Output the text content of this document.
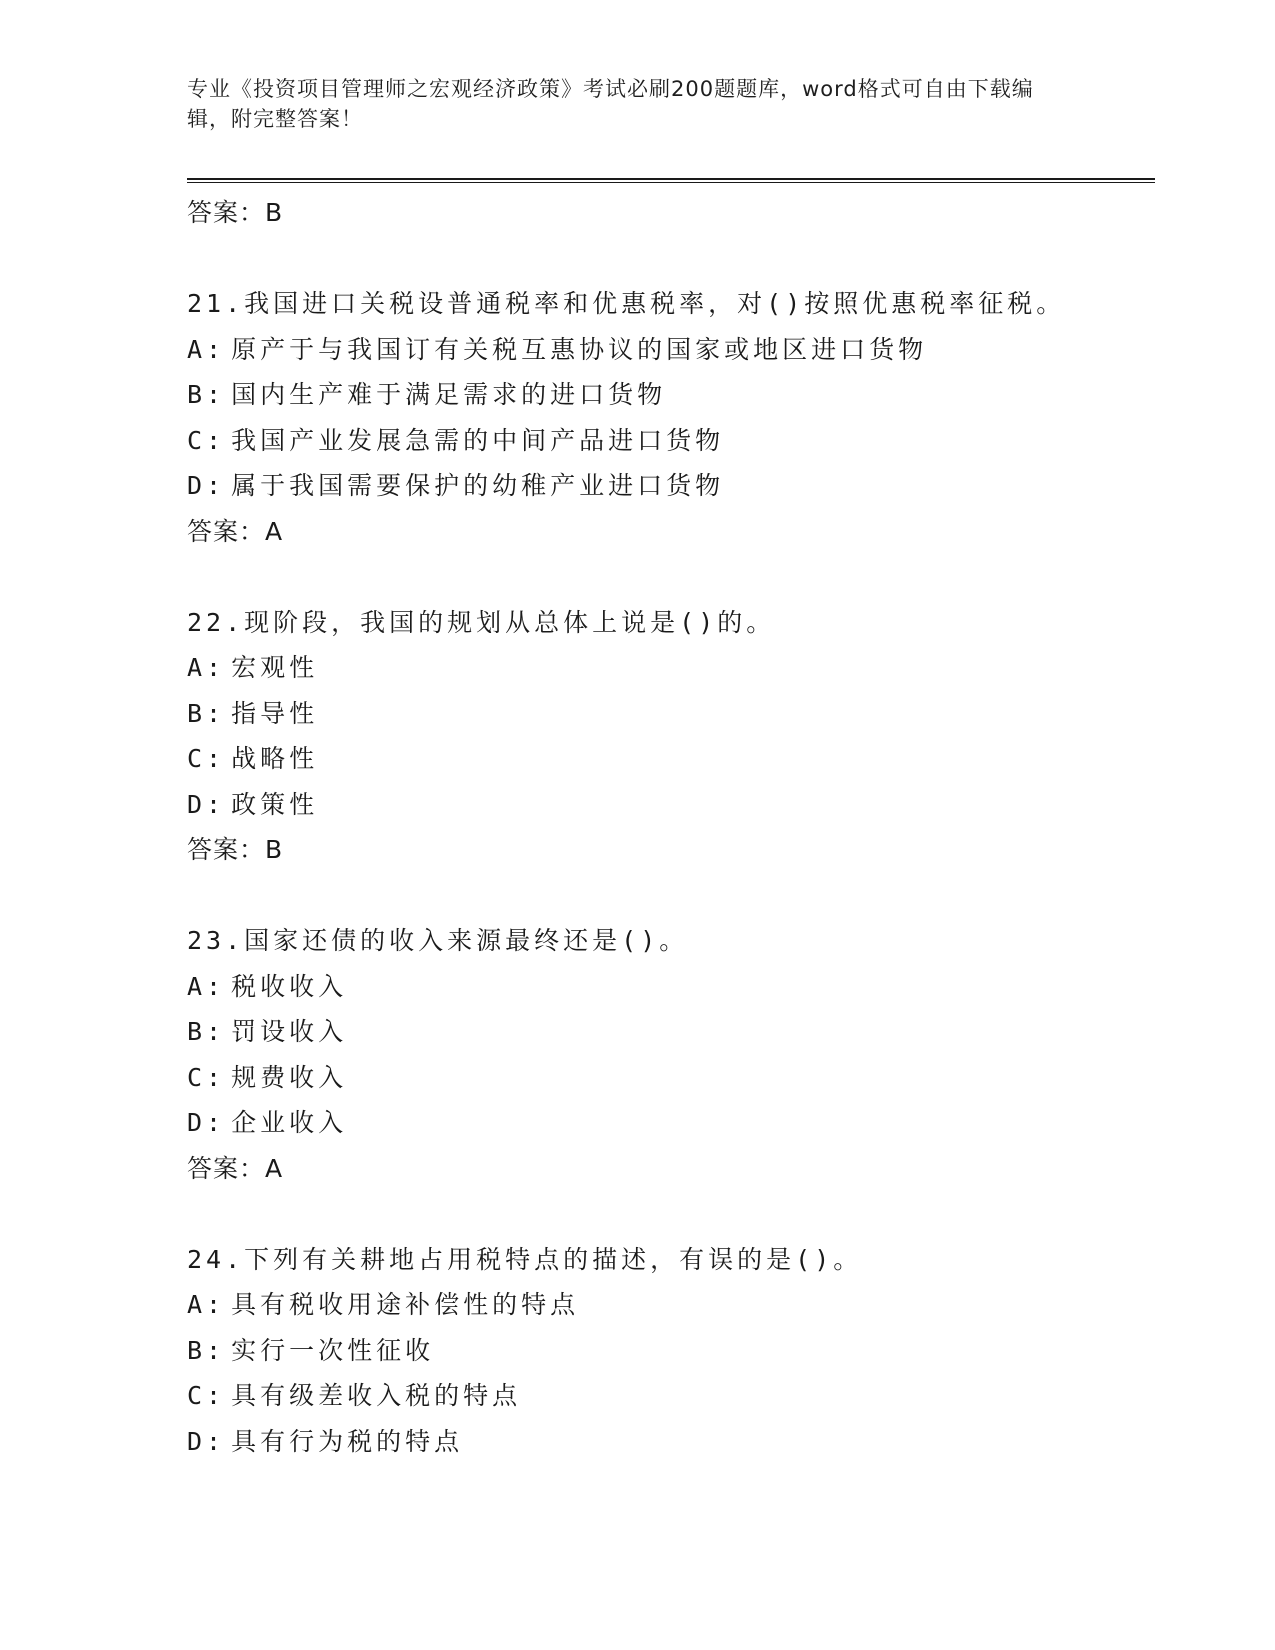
专业《投资项目管理师之宏观经济政策》考试必刷200题题库，word格式可自由下载编辑，附完整答案！
答案：B
21.我国进口关税设普通税率和优惠税率，对()按照优惠税率征税。
A: 原产于与我国订有关税互惠协议的国家或地区进口货物
B: 国内生产难于满足需求的进口货物
C: 我国产业发展急需的中间产品进口货物
D: 属于我国需要保护的幼稚产业进口货物
答案：A
22.现阶段，我国的规划从总体上说是()的。
A: 宏观性
B: 指导性
C: 战略性
D: 政策性
答案：B
23.国家还债的收入来源最终还是()。
A: 税收收入
B: 罚设收入
C: 规费收入
D: 企业收入
答案：A
24.下列有关耕地占用税特点的描述，有误的是()。
A: 具有税收用途补偿性的特点
B: 实行一次性征收
C: 具有级差收入税的特点
D: 具有行为税的特点
